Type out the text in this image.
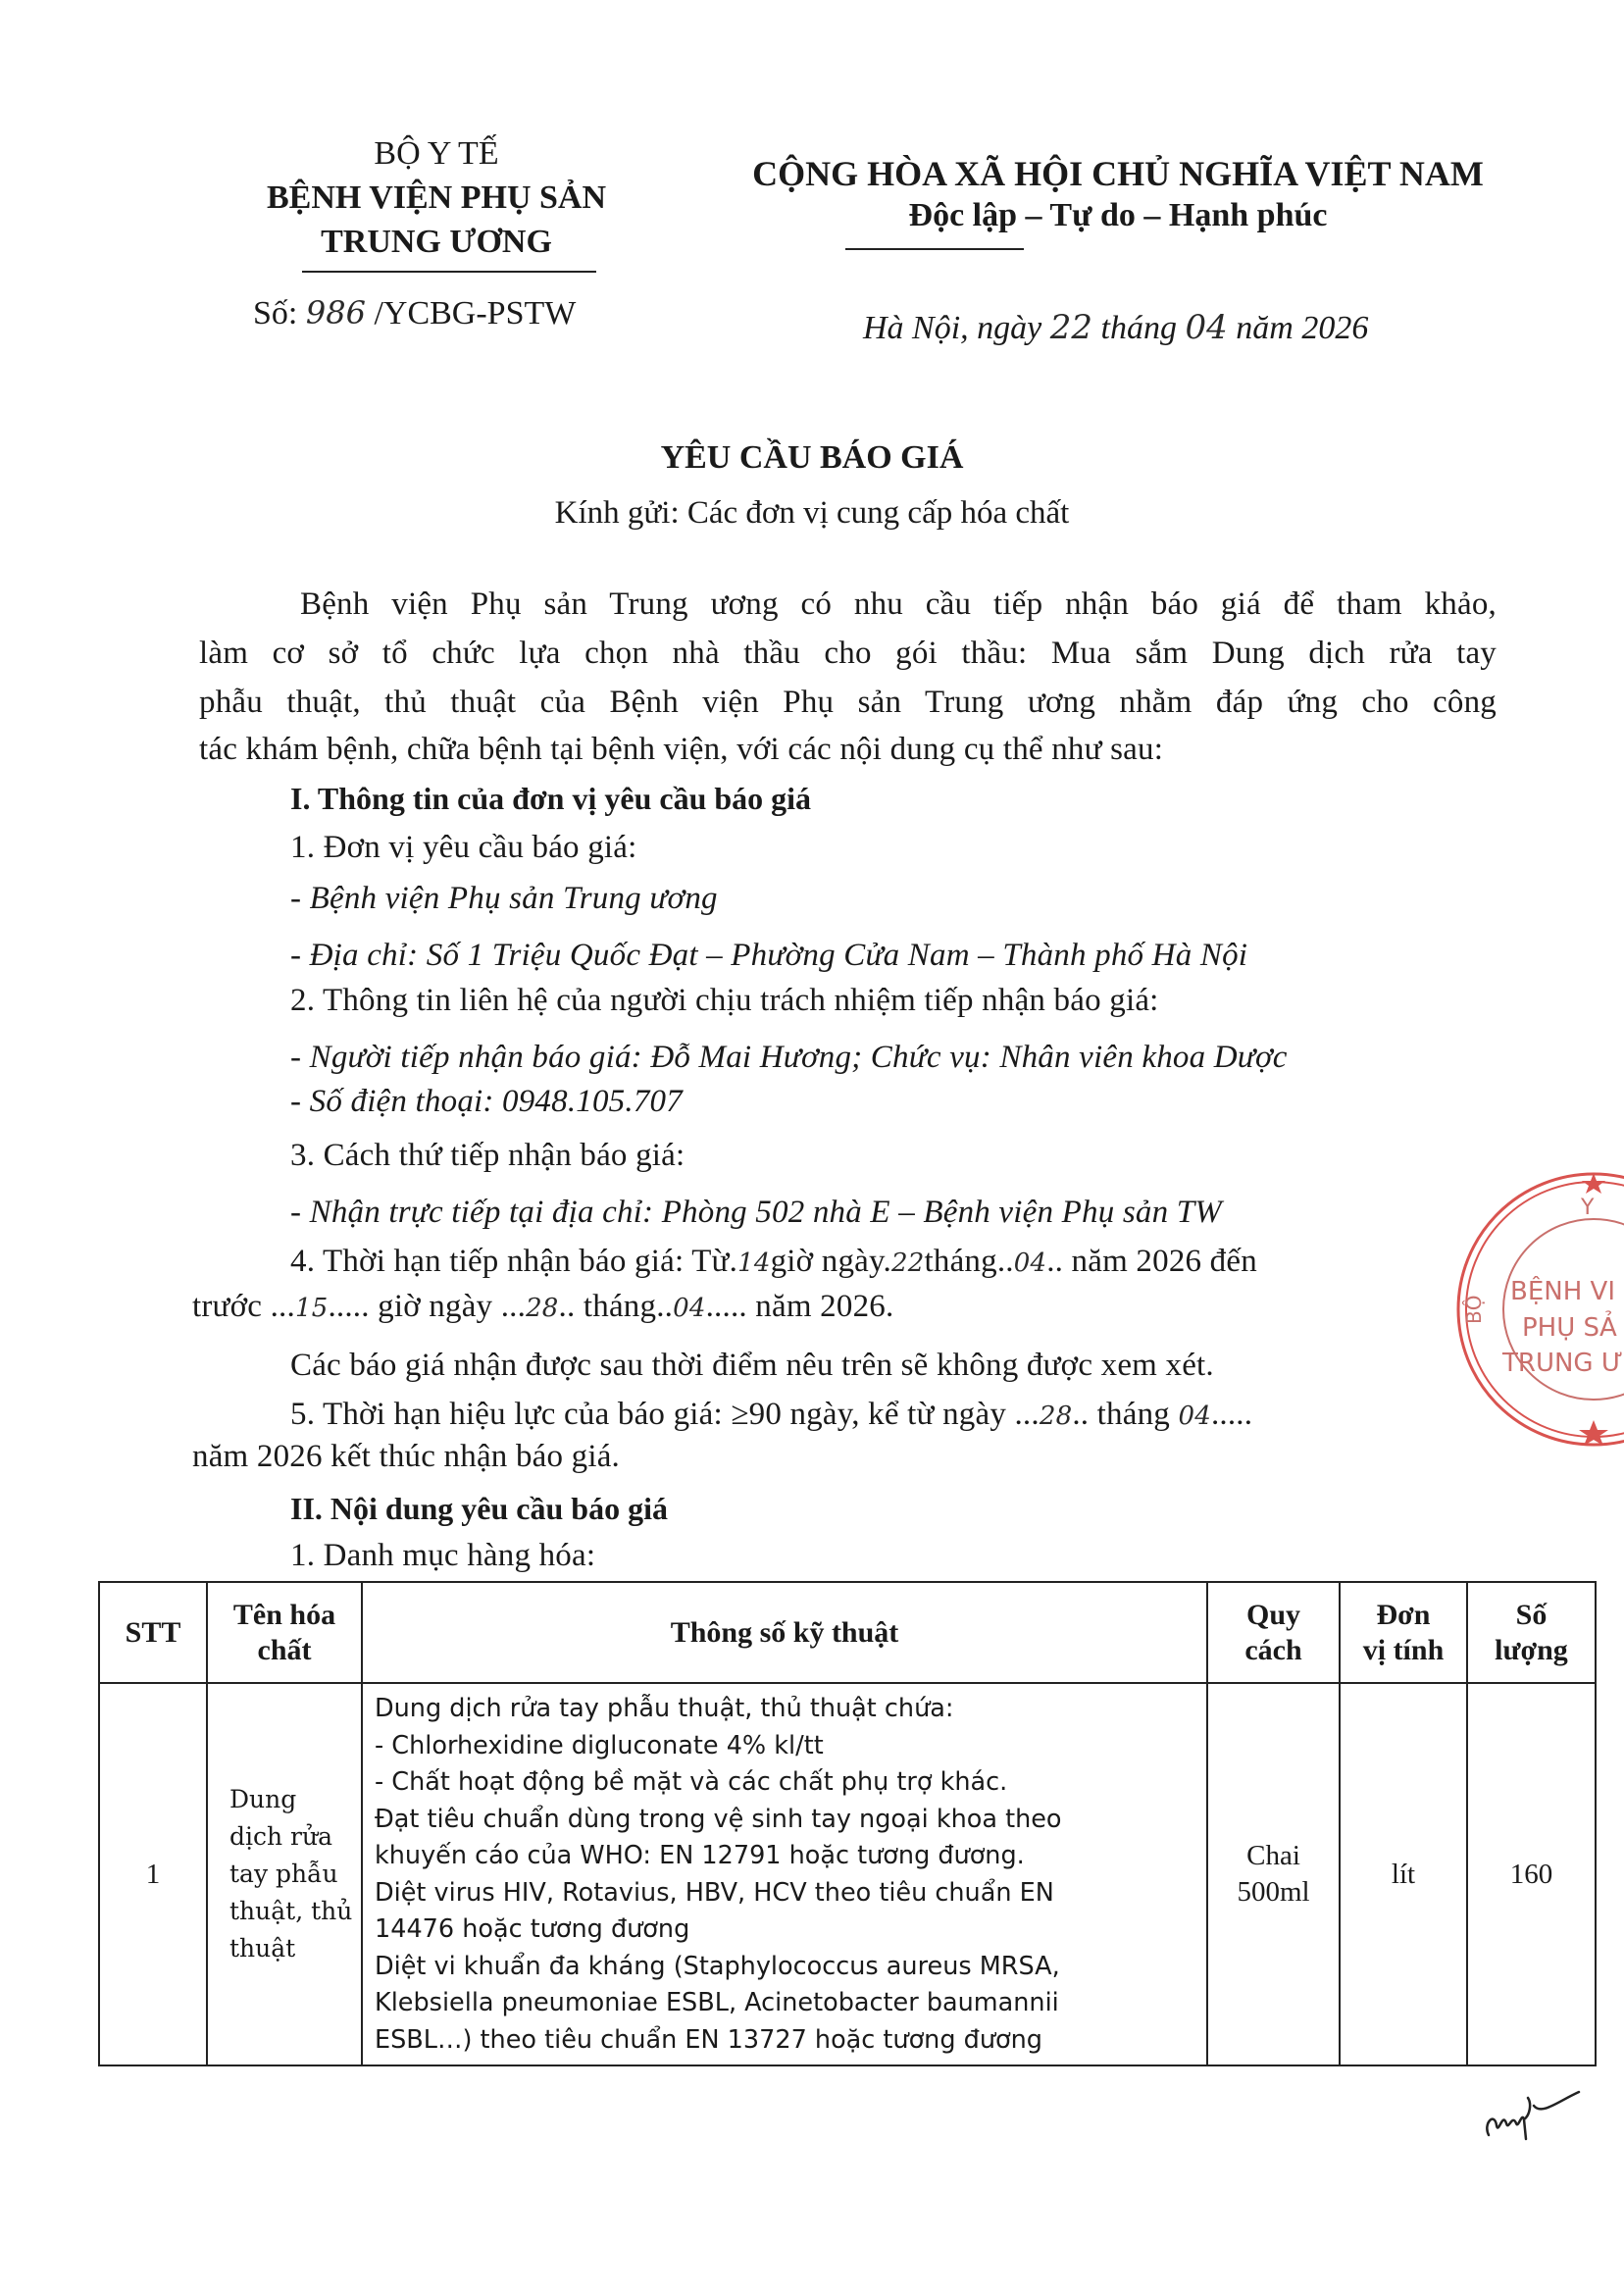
BỘ Y TẾ
BỆNH VIỆN PHỤ SẢN
TRUNG ƯƠNG
Số: 986 /YCBG-PSTW
CỘNG HÒA XÃ HỘI CHỦ NGHĨA VIỆT NAM
Độc lập – Tự do – Hạnh phúc
Hà Nội, ngày 22 tháng 04 năm 2026
YÊU CẦU BÁO GIÁ
Kính gửi: Các đơn vị cung cấp hóa chất
Bệnh viện Phụ sản Trung ương có nhu cầu tiếp nhận báo giá để tham khảo,
làm cơ sở tổ chức lựa chọn nhà thầu cho gói thầu: Mua sắm Dung dịch rửa tay
phẫu thuật, thủ thuật của Bệnh viện Phụ sản Trung ương nhằm đáp ứng cho công
tác khám bệnh, chữa bệnh tại bệnh viện, với các nội dung cụ thể như sau:
I. Thông tin của đơn vị yêu cầu báo giá
1. Đơn vị yêu cầu báo giá:
- Bệnh viện Phụ sản Trung ương
- Địa chỉ: Số 1 Triệu Quốc Đạt – Phường Cửa Nam – Thành phố Hà Nội
2. Thông tin liên hệ của người chịu trách nhiệm tiếp nhận báo giá:
- Người tiếp nhận báo giá: Đỗ Mai Hương; Chức vụ: Nhân viên khoa Dược
- Số điện thoại: 0948.105.707
3. Cách thứ tiếp nhận báo giá:
- Nhận trực tiếp tại địa chỉ: Phòng 502 nhà E – Bệnh viện Phụ sản TW
4. Thời hạn tiếp nhận báo giá: Từ.14giờ ngày.22tháng..04.. năm 2026 đến
trước ...15..... giờ ngày ...28.. tháng..04..... năm 2026.
Các báo giá nhận được sau thời điểm nêu trên sẽ không được xem xét.
5. Thời hạn hiệu lực của báo giá: ≥90 ngày, kể từ ngày ...28.. tháng 04.....
năm 2026 kết thúc nhận báo giá.
II. Nội dung yêu cầu báo giá
1. Danh mục hàng hóa:
STT
Tên hóa
chất
Thông số kỹ thuật
Quy
cách
Đơn
vị tính
Số
lượng
1
Dung
dịch rửa
tay phẫu
thuật, thủ
thuật
Dung dịch rửa tay phẫu thuật, thủ thuật chứa:
- Chlorhexidine digluconate 4% kl/tt
- Chất hoạt động bề mặt và các chất phụ trợ khác.
Đạt tiêu chuẩn dùng trong vệ sinh tay ngoại khoa theo
khuyến cáo của WHO: EN 12791 hoặc tương đương.
Diệt virus HIV, Rotavius, HBV, HCV theo tiêu chuẩn EN
14476 hoặc tương đương
Diệt vi khuẩn đa kháng (Staphylococcus aureus MRSA,
Klebsiella pneumoniae ESBL, Acinetobacter baumannii
ESBL…) theo tiêu chuẩn EN 13727 hoặc tương đương
Chai
500ml
lít	160
Y
BỘ
BỆNH VI
PHỤ SẢ
TRUNG Ư
